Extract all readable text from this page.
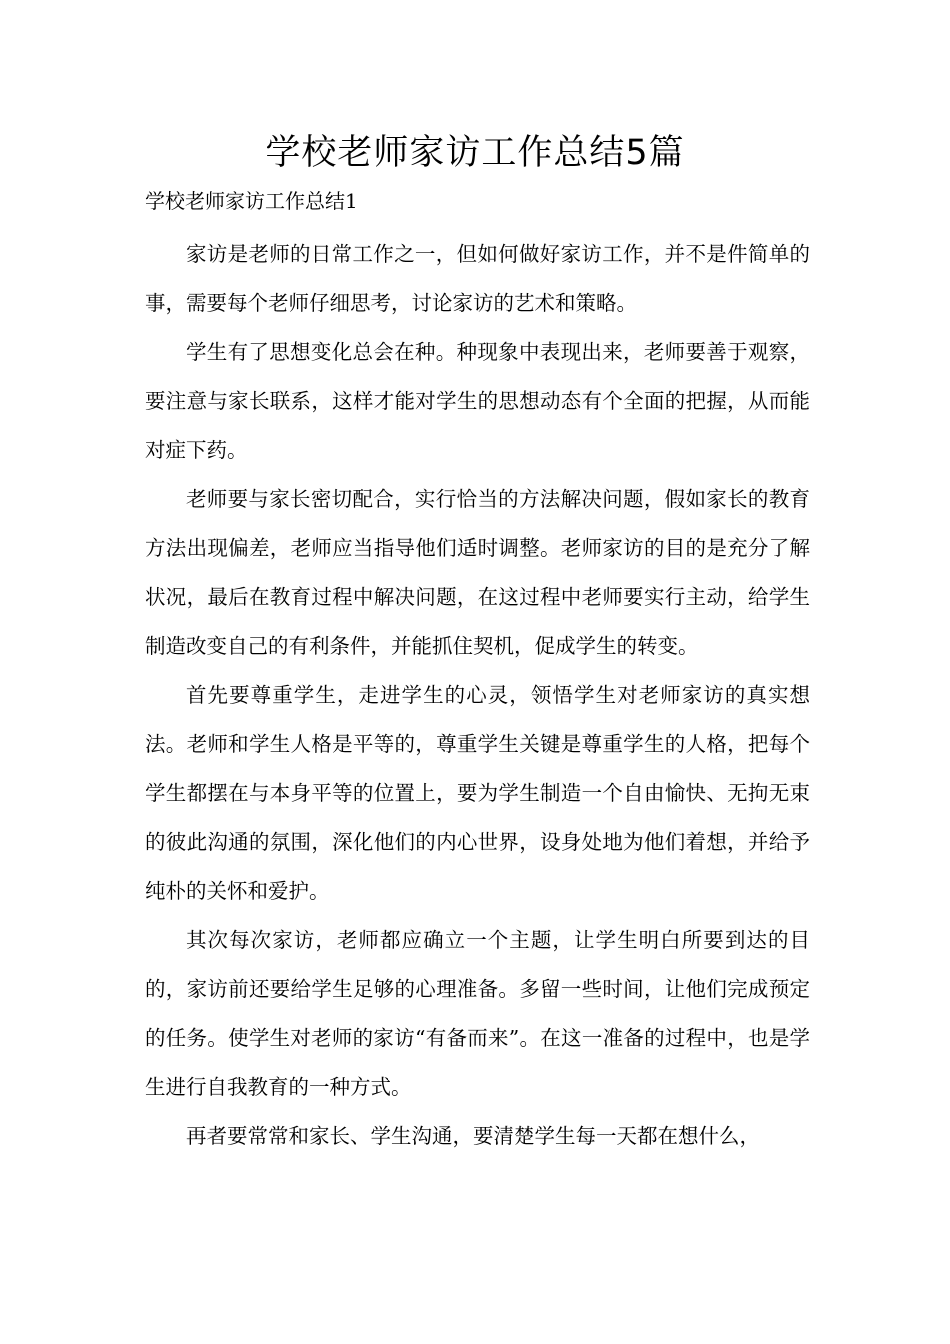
学校老师家访工作总结5篇

学校老师家访工作总结1

家访是老师的日常工作之一，但如何做好家访工作，并不是件简单的事，需要每个老师仔细思考，讨论家访的艺术和策略。

学生有了思想变化总会在种。种现象中表现出来，老师要善于观察，要注意与家长联系，这样才能对学生的思想动态有个全面的把握，从而能对症下药。

老师要与家长密切配合，实行恰当的方法解决问题，假如家长的教育方法出现偏差，老师应当指导他们适时调整。老师家访的目的是充分了解状况，最后在教育过程中解决问题，在这过程中老师要实行主动，给学生制造改变自己的有利条件，并能抓住契机，促成学生的转变。

首先要尊重学生，走进学生的心灵，领悟学生对老师家访的真实想法。老师和学生人格是平等的，尊重学生关键是尊重学生的人格，把每个学生都摆在与本身平等的位置上，要为学生制造一个自由愉快、无拘无束的彼此沟通的氛围，深化他们的内心世界，设身处地为他们着想，并给予纯朴的关怀和爱护。

其次每次家访，老师都应确立一个主题，让学生明白所要到达的目的，家访前还要给学生足够的心理准备。多留一些时间，让他们完成预定的任务。使学生对老师的家访“有备而来”。在这一准备的过程中，也是学生进行自我教育的一种方式。

再者要常常和家长、学生沟通，要清楚学生每一天都在想什么，
